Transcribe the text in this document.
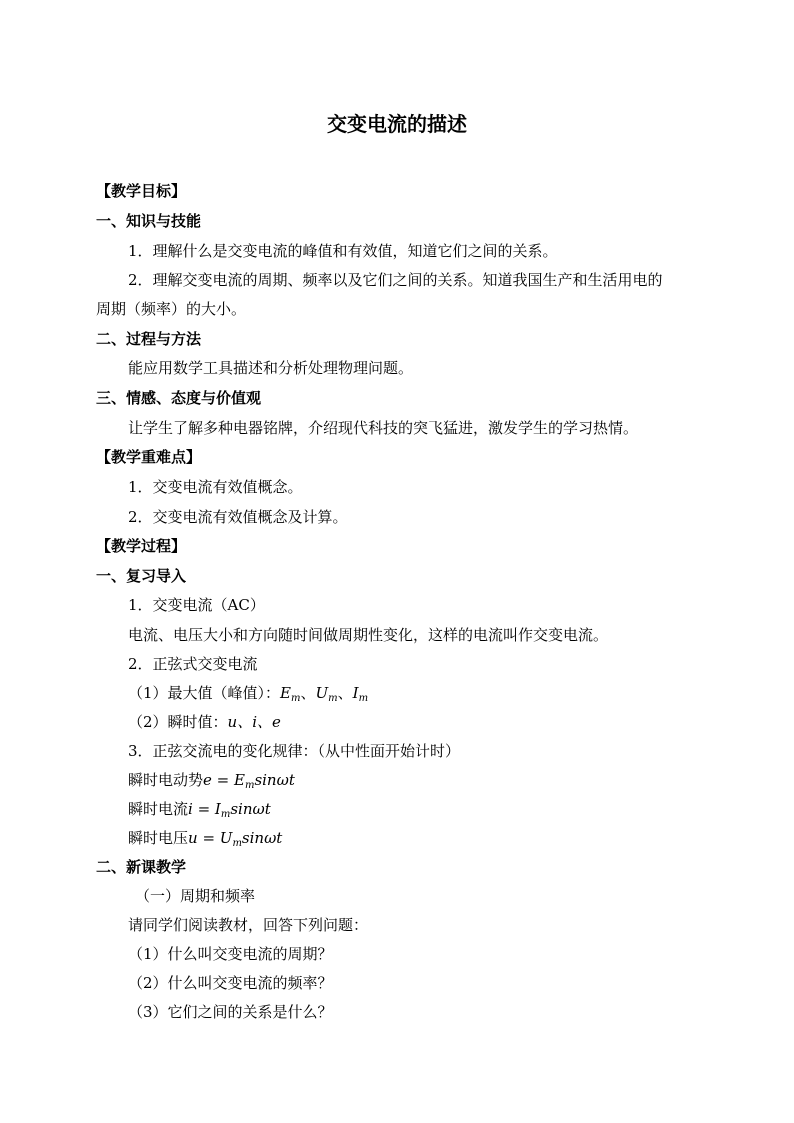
交变电流的描述
【教学目标】
一、知识与技能
1．理解什么是交变电流的峰值和有效值，知道它们之间的关系。
2．理解交变电流的周期、频率以及它们之间的关系。知道我国生产和生活用电的
周期（频率）的大小。
二、过程与方法
能应用数学工具描述和分析处理物理问题。
三、情感、态度与价值观
让学生了解多种电器铭牌，介绍现代科技的突飞猛进，激发学生的学习热情。
【教学重难点】
1．交变电流有效值概念。
2．交变电流有效值概念及计算。
【教学过程】
一、复习导入
1．交变电流（AC）
电流、电压大小和方向随时间做周期性变化，这样的电流叫作交变电流。
2．正弦式交变电流
（1）最大值（峰值）：$E_m$、$U_m$、$I_m$
（2）瞬时值：u、i、e
3．正弦交流电的变化规律：（从中性面开始计时）
瞬时电动势$e = E_m\sin\omega t$
瞬时电流$i = I_m\sin\omega t$
瞬时电压$u = U_m\sin\omega t$
二、新课教学
（一）周期和频率
请同学们阅读教材，回答下列问题：
（1）什么叫交变电流的周期？
（2）什么叫交变电流的频率？
（3）它们之间的关系是什么？
